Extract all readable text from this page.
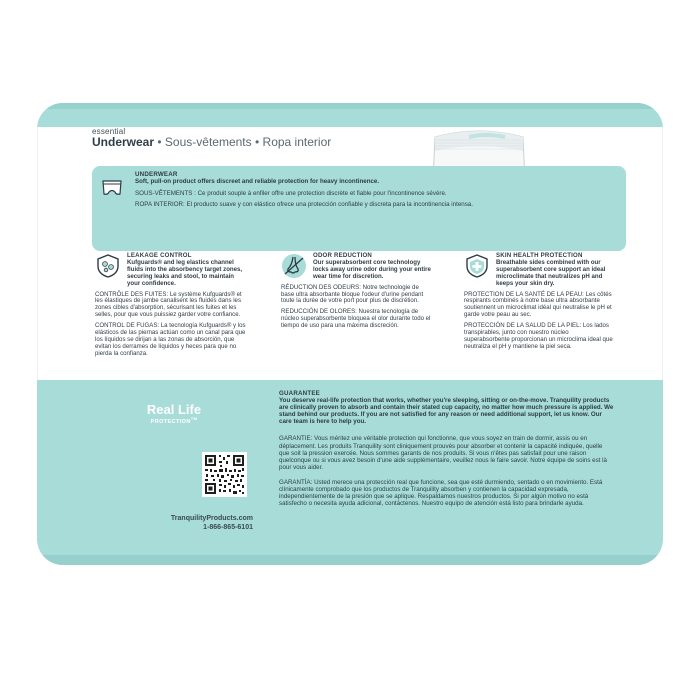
essential
Underwear • Sous-vêtements • Ropa interior
UNDERWEAR

Soft, pull-on product offers discreet and reliable protection for heavy incontinence.

SOUS-VÊTEMENTS : Ce produit souple à enfiler offre une protection discrète et fiable pour l'incontinence sévère.

ROPA INTERIOR: El producto suave y con elástico ofrece una protección confiable y discreta para la incontinencia intensa.

LEAKAGE CONTROL
Kufguards® and leg elastics channel fluids into the absorbency target zones, securing leaks and stool, to maintain your confidence.

CONTRÔLE DES FUITES: Le système Kufguards® et les élastiques de jambe canalisent les fluides dans les zones cibles d'absorption, sécurisant les fuites et les selles, pour que vous puissiez garder votre confiance.

CONTROL DE FUGAS: La tecnología Kufguards® y los elásticos de las piernas actúan como un canal para que los líquidos se dirijan a las zonas de absorción, que evitan los derrames de líquidos y heces para que no pierda la confianza.

ODOR REDUCTION
Our superabsorbent core technology locks away urine odor during your entire wear time for discretion.

RÉDUCTION DES ODEURS: Notre technologie de base ultra absorbante bloque l'odeur d'urine pendant toute la durée de votre port pour plus de discrétion.

REDUCCIÓN DE OLORES: Nuestra tecnología de núcleo superabsorbente bloquea el olor durante todo el tiempo de uso para una máxima discreción.

SKIN HEALTH PROTECTION
Breathable sides combined with our superabsorbent core support an ideal microclimate that neutralizes pH and keeps your skin dry.

PROTECTION DE LA SANTÉ DE LA PEAU: Les côtés respirants combinés à notre base ultra absorbante soutiennent un microclimat idéal qui neutralise le pH et garde votre peau au sec.

PROTECCIÓN DE LA SALUD DE LA PIEL: Los lados transpirables, junto con nuestro núcleo superabsorbente proporcionan un microclima ideal que neutraliza el pH y mantiene la piel seca.

Real Life
PROTECTION™
TranquilityProducts.com
1-866-865-6101

GUARANTEE
You deserve real-life protection that works, whether you're sleeping, sitting or on-the-move. Tranquility products are clinically proven to absorb and contain their stated cup capacity, no matter how much pressure is applied. We stand behind our products. If you are not satisfied for any reason or need additional support, let us know. Our care team is here to help you.

GARANTIE: Vous méritez une véritable protection qui fonctionne, que vous soyez en train de dormir, assis ou en déplacement. Les produits Tranquility sont cliniquement prouvés pour absorber et contenir la capacité indiquée, quelle que soit la pression exercée. Nous sommes garants de nos produits. Si vous n'êtes pas satisfait pour une raison quelconque ou si vous avez besoin d'une aide supplémentaire, veuillez nous le faire savoir. Notre équipe de soins est là pour vous aider.

GARANTÍA: Usted merece una protección real que funcione, sea que esté durmiendo, sentado o en movimiento. Está clínicamente comprobado que los productos de Tranquility absorben y contienen la capacidad expresada, independientemente de la presión que se aplique. Respaldamos nuestros productos. Si por algún motivo no está satisfecho o necesita ayuda adicional, contáctenos. Nuestro equipo de atención está listo para brindarle ayuda.
